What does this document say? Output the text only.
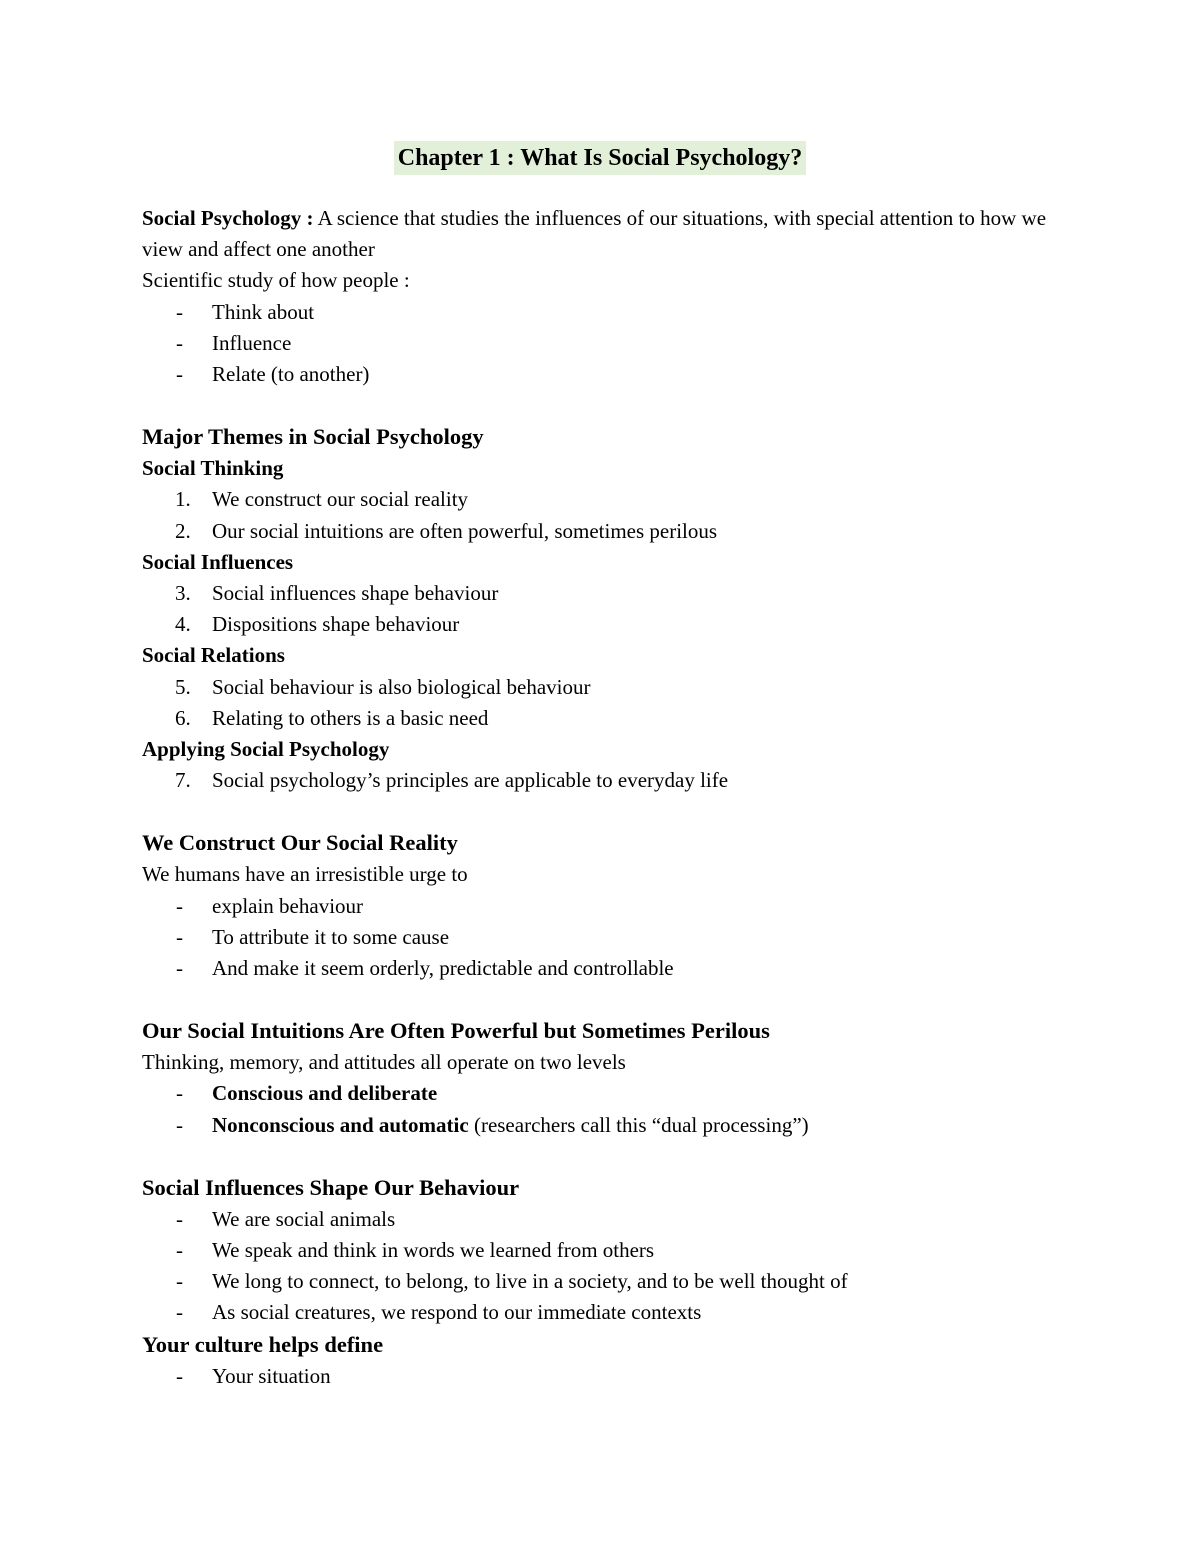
Chapter 1 : What Is Social Psychology?

Social Psychology : A science that studies the influences of our situations, with special attention to how we view and affect one another

Scientific study of how people :

- Think about
- Influence
- Relate (to another)

Major Themes in Social Psychology

Social Thinking

1. We construct our social reality
2. Our social intuitions are often powerful, sometimes perilous

Social Influences

3. Social influences shape behaviour
4. Dispositions shape behaviour

Social Relations

5. Social behaviour is also biological behaviour
6. Relating to others is a basic need

Applying Social Psychology

7. Social psychology’s principles are applicable to everyday life

We Construct Our Social Reality

We humans have an irresistible urge to

- explain behaviour
- To attribute it to some cause
- And make it seem orderly, predictable and controllable

Our Social Intuitions Are Often Powerful but Sometimes Perilous

Thinking, memory, and attitudes all operate on two levels

- Conscious and deliberate
- Nonconscious and automatic (researchers call this “dual processing”)

Social Influences Shape Our Behaviour

- We are social animals
- We speak and think in words we learned from others
- We long to connect, to belong, to live in a society, and to be well thought of
- As social creatures, we respond to our immediate contexts

Your culture helps define

- Your situation
